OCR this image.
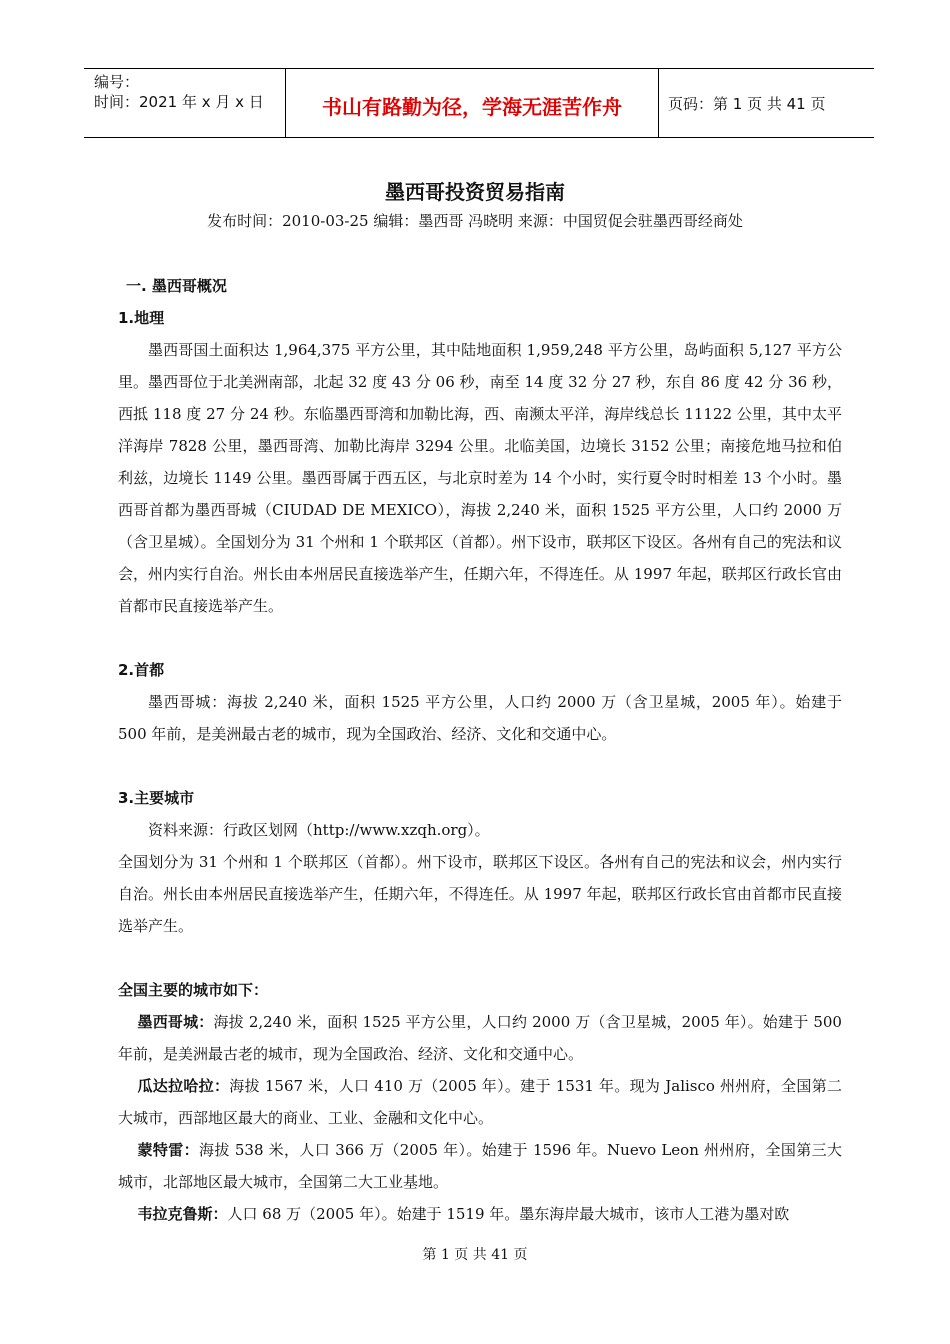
编号：
时间：2021 年 x 月 x 日	书山有路勤为径，学海无涯苦作舟	页码：第 1 页 共 41 页
墨西哥投资贸易指南
发布时间：2010-03-25 编辑：墨西哥 冯晓明 来源：中国贸促会驻墨西哥经商处
一. 墨西哥概况
1.地理

墨西哥国土面积达 1,964,375 平方公里，其中陆地面积 1,959,248 平方公里，岛屿面积 5,127 平方公里。墨西哥位于北美洲南部，北起 32 度 43 分 06 秒，南至 14 度 32 分 27 秒，东自 86 度 42 分 36 秒，西抵 118 度 27 分 24 秒。东临墨西哥湾和加勒比海，西、南濒太平洋，海岸线总长 11122 公里，其中太平洋海岸 7828 公里，墨西哥湾、加勒比海岸 3294 公里。北临美国，边境长 3152 公里；南接危地马拉和伯利兹，边境长 1149 公里。墨西哥属于西五区，与北京时差为 14 个小时，实行夏令时时相差 13 个小时。墨西哥首都为墨西哥城（CIUDAD DE MEXICO），海拔 2,240 米，面积 1525 平方公里，人口约 2000 万（含卫星城）。全国划分为 31 个州和 1 个联邦区（首都）。州下设市，联邦区下设区。各州有自己的宪法和议会，州内实行自治。州长由本州居民直接选举产生，任期六年，不得连任。从 1997 年起，联邦区行政长官由首都市民直接选举产生。

2.首都

墨西哥城：海拔 2,240 米，面积 1525 平方公里，人口约 2000 万（含卫星城，2005 年）。始建于 500 年前，是美洲最古老的城市，现为全国政治、经济、文化和交通中心。

3.主要城市

资料来源：行政区划网（http://www.xzqh.org）。

全国划分为 31 个州和 1 个联邦区（首都）。州下设市，联邦区下设区。各州有自己的宪法和议会，州内实行自治。州长由本州居民直接选举产生，任期六年，不得连任。从 1997 年起，联邦区行政长官由首都市民直接选举产生。

全国主要的城市如下：

墨西哥城：海拔 2,240 米，面积 1525 平方公里，人口约 2000 万（含卫星城，2005 年）。始建于 500 年前，是美洲最古老的城市，现为全国政治、经济、文化和交通中心。

瓜达拉哈拉：海拔 1567 米，人口 410 万（2005 年）。建于 1531 年。现为 Jalisco 州州府，全国第二大城市，西部地区最大的商业、工业、金融和文化中心。

蒙特雷：海拔 538 米，人口 366 万（2005 年）。始建于 1596 年。Nuevo Leon 州州府，全国第三大城市，北部地区最大城市，全国第二大工业基地。

韦拉克鲁斯：人口 68 万（2005 年）。始建于 1519 年。墨东海岸最大城市，该市人工港为墨对欧

第 1 页 共 41 页
